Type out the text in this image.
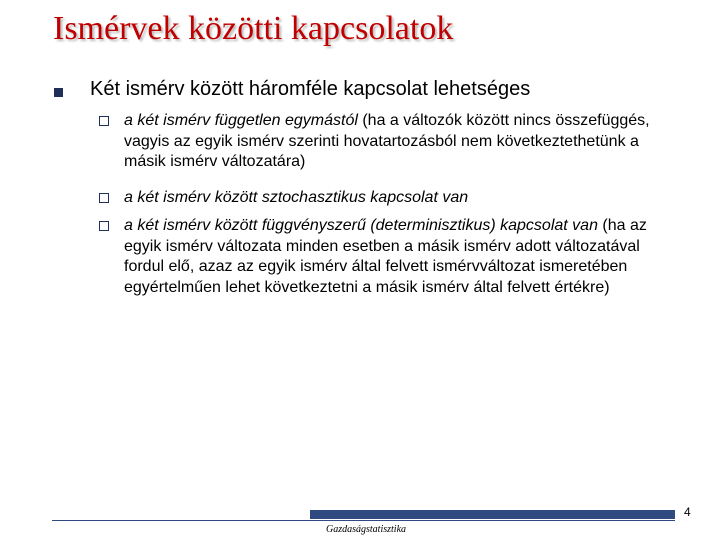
Ismérvek közötti kapcsolatok
Két ismérv között háromféle kapcsolat lehetséges
a két ismérv független egymástól (ha a változók között nincs összefüggés, vagyis az egyik ismérv szerinti hovatartozásból nem következtethetünk a másik ismérv változatára)
a két ismérv között sztochasztikus kapcsolat van
a két ismérv között függvényszerű (determinisztikus) kapcsolat van (ha az egyik ismérv változata minden esetben a másik ismérv adott változatával fordul elő, azaz az egyik ismérv által felvett ismérvváltozat ismeretében egyértelműen lehet következtetni a másik ismérv által felvett értékre)
Gazdaságstatisztika
4
